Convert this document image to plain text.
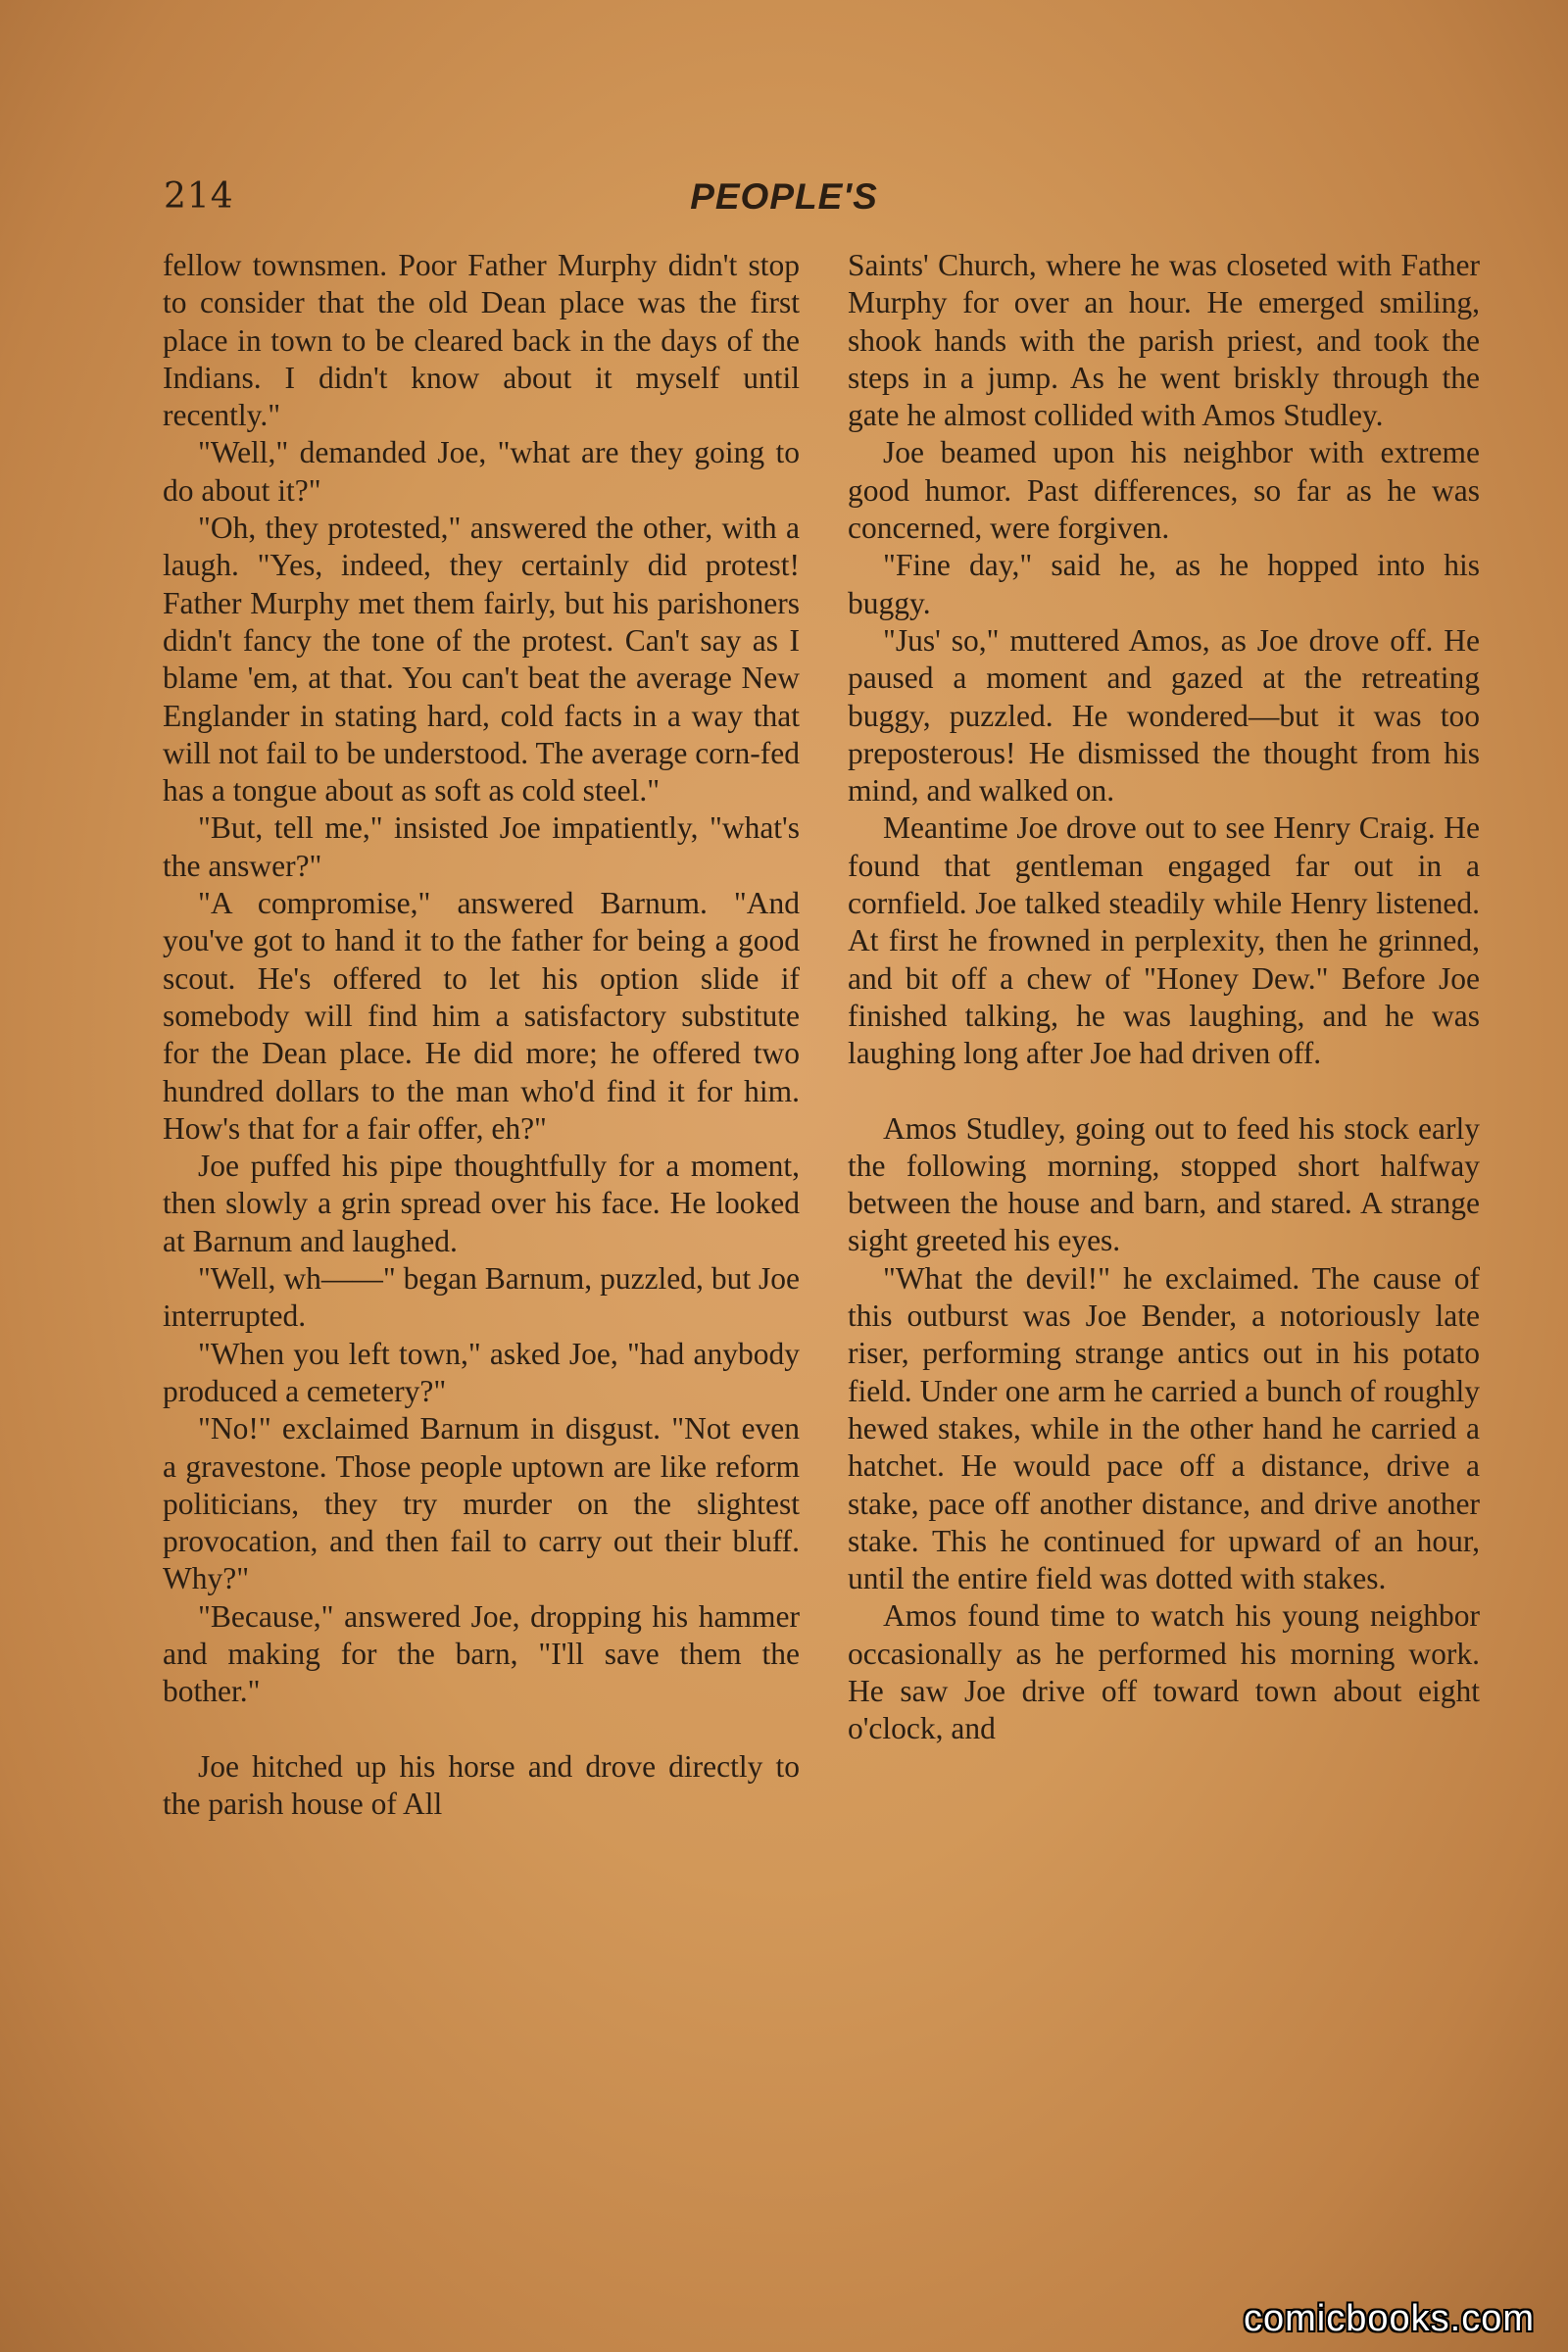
214	PEOPLE'S

fellow townsmen. Poor Father Murphy didn't stop to consider that the old Dean place was the first place in town to be cleared back in the days of the Indians. I didn't know about it myself until recently."

"Well," demanded Joe, "what are they going to do about it?"

"Oh, they protested," answered the other, with a laugh. "Yes, indeed, they certainly did protest! Father Murphy met them fairly, but his parishoners didn't fancy the tone of the protest. Can't say as I blame 'em, at that. You can't beat the average New Englander in stating hard, cold facts in a way that will not fail to be understood. The average corn-fed has a tongue about as soft as cold steel."

"But, tell me," insisted Joe impatiently, "what's the answer?"

"A compromise," answered Barnum. "And you've got to hand it to the father for being a good scout. He's offered to let his option slide if somebody will find him a satisfactory substitute for the Dean place. He did more; he offered two hundred dollars to the man who'd find it for him. How's that for a fair offer, eh?"

Joe puffed his pipe thoughtfully for a moment, then slowly a grin spread over his face. He looked at Barnum and laughed.

"Well, wh——" began Barnum, puzzled, but Joe interrupted.

"When you left town," asked Joe, "had anybody produced a cemetery?"

"No!" exclaimed Barnum in disgust. "Not even a gravestone. Those people uptown are like reform politicians, they try murder on the slightest provocation, and then fail to carry out their bluff. Why?"

"Because," answered Joe, dropping his hammer and making for the barn, "I'll save them the bother."

Joe hitched up his horse and drove directly to the parish house of All

Saints' Church, where he was closeted with Father Murphy for over an hour. He emerged smiling, shook hands with the parish priest, and took the steps in a jump. As he went briskly through the gate he almost collided with Amos Studley.

Joe beamed upon his neighbor with extreme good humor. Past differences, so far as he was concerned, were forgiven.

"Fine day," said he, as he hopped into his buggy.

"Jus' so," muttered Amos, as Joe drove off. He paused a moment and gazed at the retreating buggy, puzzled. He wondered—but it was too preposterous! He dismissed the thought from his mind, and walked on.

Meantime Joe drove out to see Henry Craig. He found that gentleman engaged far out in a cornfield. Joe talked steadily while Henry listened. At first he frowned in perplexity, then he grinned, and bit off a chew of "Honey Dew." Before Joe finished talking, he was laughing, and he was laughing long after Joe had driven off.

Amos Studley, going out to feed his stock early the following morning, stopped short halfway between the house and barn, and stared. A strange sight greeted his eyes.

"What the devil!" he exclaimed. The cause of this outburst was Joe Bender, a notoriously late riser, performing strange antics out in his potato field. Under one arm he carried a bunch of roughly hewed stakes, while in the other hand he carried a hatchet. He would pace off a distance, drive a stake, pace off another distance, and drive another stake. This he continued for upward of an hour, until the entire field was dotted with stakes.

Amos found time to watch his young neighbor occasionally as he performed his morning work. He saw Joe drive off toward town about eight o'clock, and

comicbooks.com
